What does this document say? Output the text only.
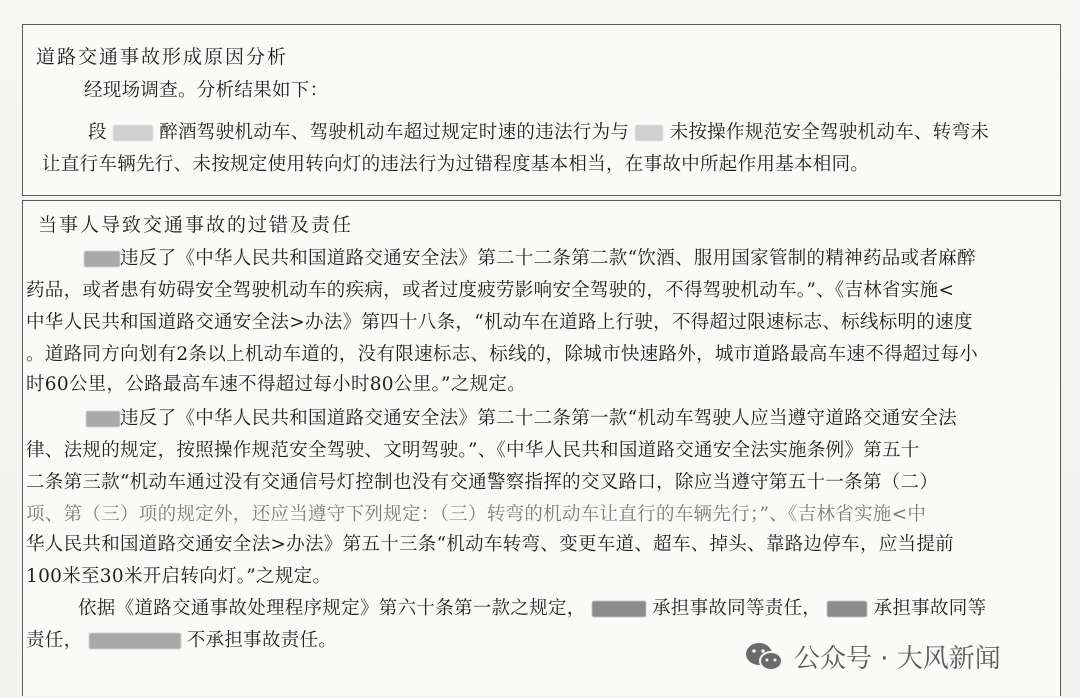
道路交通事故形成原因分析
经现场调查。分析结果如下：
段	醉酒驾驶机动车、驾驶机动车超过规定时速的违法行为与 未按操作规范安全驾驶机动车、转弯未
让直行车辆先行、未按规定使用转向灯的违法行为过错程度基本相当，在事故中所起作用基本相同。
当事人导致交通事故的过错及责任
违反了《中华人民共和国道路交通安全法》第二十二条第二款“饮酒、服用国家管制的精神药品或者麻醉
药品，或者患有妨碍安全驾驶机动车的疾病，或者过度疲劳影响安全驾驶的，不得驾驶机动车。”、《吉林省实施<
中华人民共和国道路交通安全法>办法》第四十八条，“机动车在道路上行驶，不得超过限速标志、标线标明的速度
。道路同方向划有2条以上机动车道的，没有限速标志、标线的，除城市快速路外，城市道路最高车速不得超过每小
时60公里，公路最高车速不得超过每小时80公里。”之规定。
违反了《中华人民共和国道路交通安全法》第二十二条第一款“机动车驾驶人应当遵守道路交通安全法
律、法规的规定，按照操作规范安全驾驶、文明驾驶。”、《中华人民共和国道路交通安全法实施条例》第五十
二条第三款“机动车通过没有交通信号灯控制也没有交通警察指挥的交叉路口，除应当遵守第五十一条第（二）
项、第（三）项的规定外，还应当遵守下列规定：（三）转弯的机动车让直行的车辆先行；”、《吉林省实施<中
华人民共和国道路交通安全法>办法》第五十三条“机动车转弯、变更车道、超车、掉头、靠路边停车，应当提前
100米至30米开启转向灯。”之规定。
依据《道路交通事故处理程序规定》第六十条第一款之规定，	承担事故同等责任，	承担事故同等
责任，	不承担事故责任。
公众号 · 大风新闻
